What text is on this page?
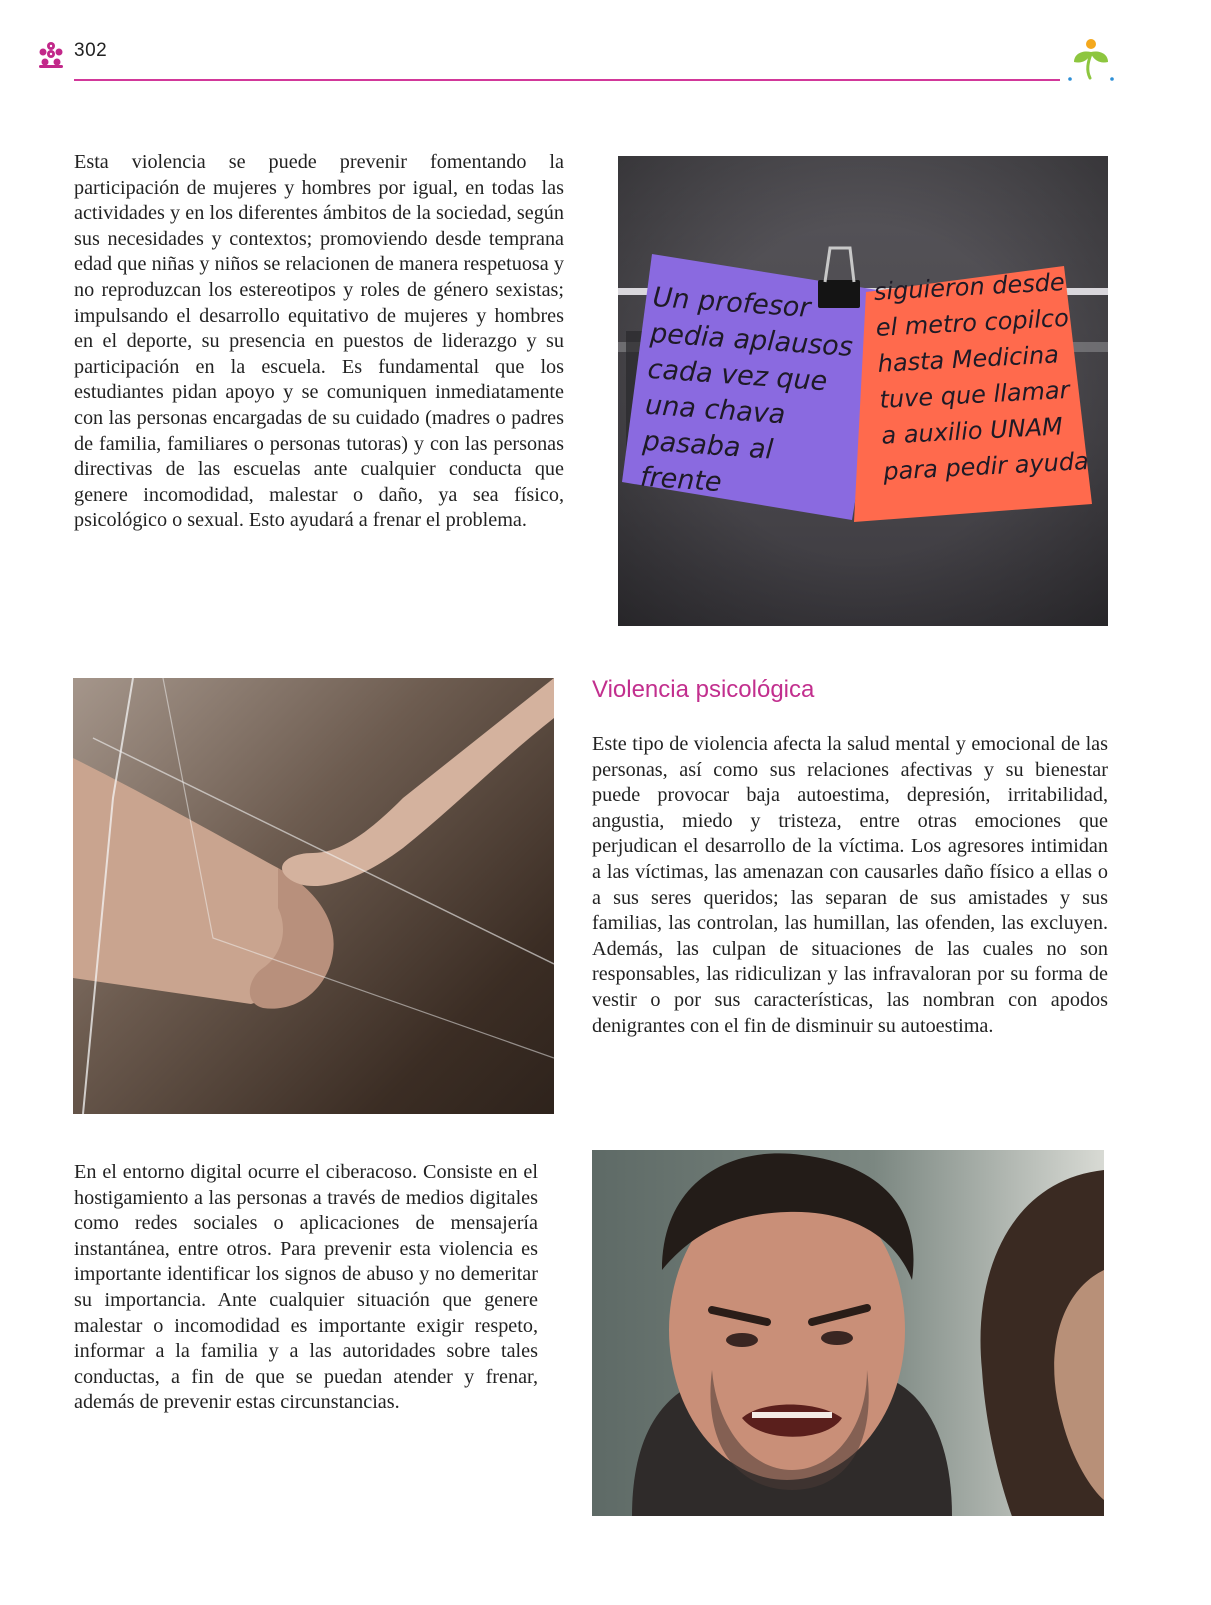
302

Esta violencia se puede prevenir fomentando la participación de mujeres y hombres por igual, en todas las actividades y en los diferentes ámbitos de la sociedad, según sus necesidades y contextos; promoviendo desde temprana edad que niñas y niños se relacionen de manera respetuosa y no reproduzcan los estereotipos y roles de género sexistas; impulsando el desarrollo equitativo de mujeres y hombres en el deporte, su presencia en puestos de liderazgo y su participación en la escuela. Es fundamental que los estudiantes pidan apoyo y se comuniquen inmediatamente con las personas encargadas de su cuidado (madres o padres de familia, familiares o personas tutoras) y con las personas directivas de las escuelas ante cualquier conducta que genere incomodidad, malestar o daño, ya sea físico, psicológico o sexual. Esto ayudará a frenar el problema.

Un profesor
pedia aplausos
cada vez que
una chava
pasaba al frente
siguieron desde
el metro copilco
hasta Medicina
tuve que llamar
a auxilio UNAM
para pedir ayuda
Violencia psicológica

Este tipo de violencia afecta la salud mental y emocional de las personas, así como sus relaciones afectivas y su bienestar puede provocar baja autoestima, depresión, irritabilidad, angustia, miedo y tristeza, entre otras emociones que perjudican el desarrollo de la víctima. Los agresores intimidan a las víctimas, las amenazan con causarles daño físico a ellas o a sus seres queridos; las separan de sus amistades y sus familias, las controlan, las humillan, las ofenden, las excluyen. Además, las culpan de situaciones de las cuales no son responsables, las ridiculizan y las infravaloran por su forma de vestir o por sus características, las nombran con apodos denigrantes con el fin de disminuir su autoestima.

En el entorno digital ocurre el ciberacoso. Consiste en el hostigamiento a las personas a través de medios digitales como redes sociales o aplicaciones de mensajería instantánea, entre otros. Para prevenir esta violencia es importante identificar los signos de abuso y no demeritar su importancia. Ante cualquier situación que genere malestar o incomodidad es importante exigir respeto, informar a la familia y a las autoridades sobre tales conductas, a fin de que se puedan atender y frenar, además de prevenir estas circunstancias.
